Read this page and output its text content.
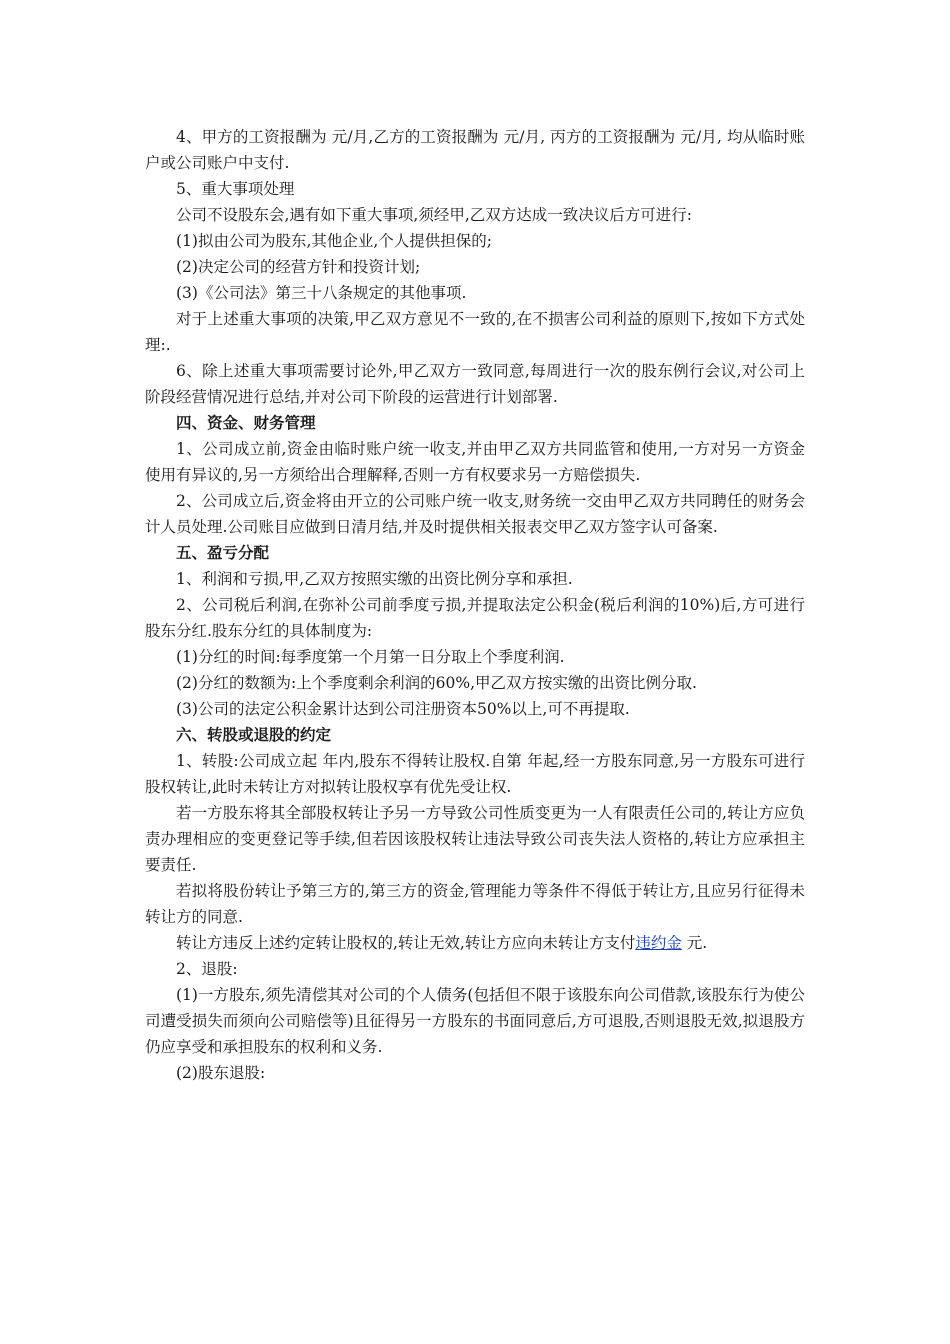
4、甲方的工资报酬为 元/月,乙方的工资报酬为 元/月, 丙方的工资报酬为 元/月, 均从临时账户或公司账户中支付.

5、重大事项处理

公司不设股东会,遇有如下重大事项,须经甲,乙双方达成一致决议后方可进行:

(1)拟由公司为股东,其他企业,个人提供担保的;

(2)决定公司的经营方针和投资计划;

(3)《公司法》第三十八条规定的其他事项.

对于上述重大事项的决策,甲乙双方意见不一致的,在不损害公司利益的原则下,按如下方式处理:.

6、除上述重大事项需要讨论外,甲乙双方一致同意,每周进行一次的股东例行会议,对公司上阶段经营情况进行总结,并对公司下阶段的运营进行计划部署.

四、资金、财务管理

1、公司成立前,资金由临时账户统一收支,并由甲乙双方共同监管和使用,一方对另一方资金使用有异议的,另一方须给出合理解释,否则一方有权要求另一方赔偿损失.

2、公司成立后,资金将由开立的公司账户统一收支,财务统一交由甲乙双方共同聘任的财务会计人员处理.公司账目应做到日清月结,并及时提供相关报表交甲乙双方签字认可备案.

五、盈亏分配

1、利润和亏损,甲,乙双方按照实缴的出资比例分享和承担.

2、公司税后利润,在弥补公司前季度亏损,并提取法定公积金(税后利润的10%)后,方可进行股东分红.股东分红的具体制度为:

(1)分红的时间:每季度第一个月第一日分取上个季度利润.

(2)分红的数额为:上个季度剩余利润的60%,甲乙双方按实缴的出资比例分取.

(3)公司的法定公积金累计达到公司注册资本50%以上,可不再提取.

六、转股或退股的约定

1、转股:公司成立起 年内,股东不得转让股权.自第 年起,经一方股东同意,另一方股东可进行股权转让,此时未转让方对拟转让股权享有优先受让权.

若一方股东将其全部股权转让予另一方导致公司性质变更为一人有限责任公司的,转让方应负责办理相应的变更登记等手续,但若因该股权转让违法导致公司丧失法人资格的,转让方应承担主要责任.

若拟将股份转让予第三方的,第三方的资金,管理能力等条件不得低于转让方,且应另行征得未转让方的同意.

转让方违反上述约定转让股权的,转让无效,转让方应向未转让方支付违约金 元.

2、退股:

(1)一方股东,须先清偿其对公司的个人债务(包括但不限于该股东向公司借款,该股东行为使公司遭受损失而须向公司赔偿等)且征得另一方股东的书面同意后,方可退股,否则退股无效,拟退股方仍应享受和承担股东的权利和义务.

(2)股东退股:
